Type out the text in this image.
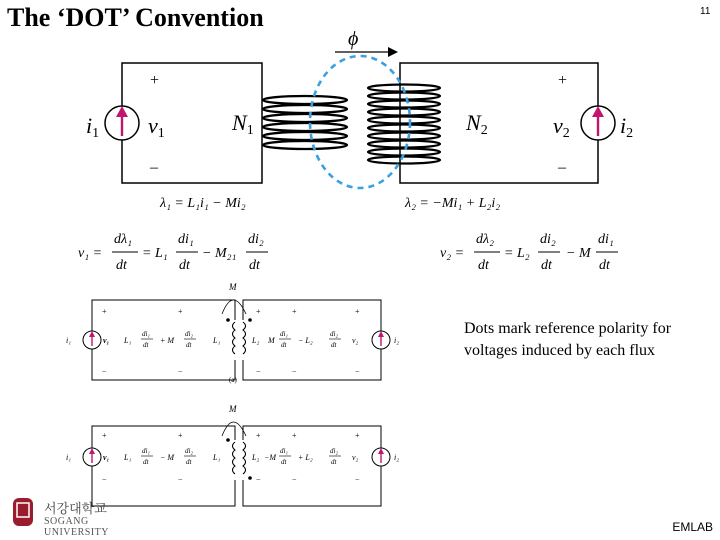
The ‘DOT’ Convention	11
ϕ
+
–
+
–
i1 v1	N1	N2	v2 i2
λ₁ = L₁i₁ − Mi₂	λ₂ = −Mi₁ + L₂i₂
v₁ =
dλ₁
dt
= L₁
di₁
dt
− M₂₁
di₂
dt
v₂ =
dλ₂
dt
= L₂
di₂
dt
− M
di₁
dt
M
+	+	+	+	+
−	−	−	−	−
i₁	v₁ L₁
di₁
dt + M
di₂
dt	L₁	L₂ M
di₁
dt − L₂
di₂
dt v₂	i₂
(a)
M
+	+	+	+	+
−	−	−	−	−
i₁	v₁ L₁
di₁
dt − M
di₂
dt	L₁	L₂ −M
di₁
dt + L₂
di₂
dt v₂	i₂
Dots mark reference polarity for
voltages induced by each flux
서강대학교
SOGANG UNIVERSITY	EMLAB
